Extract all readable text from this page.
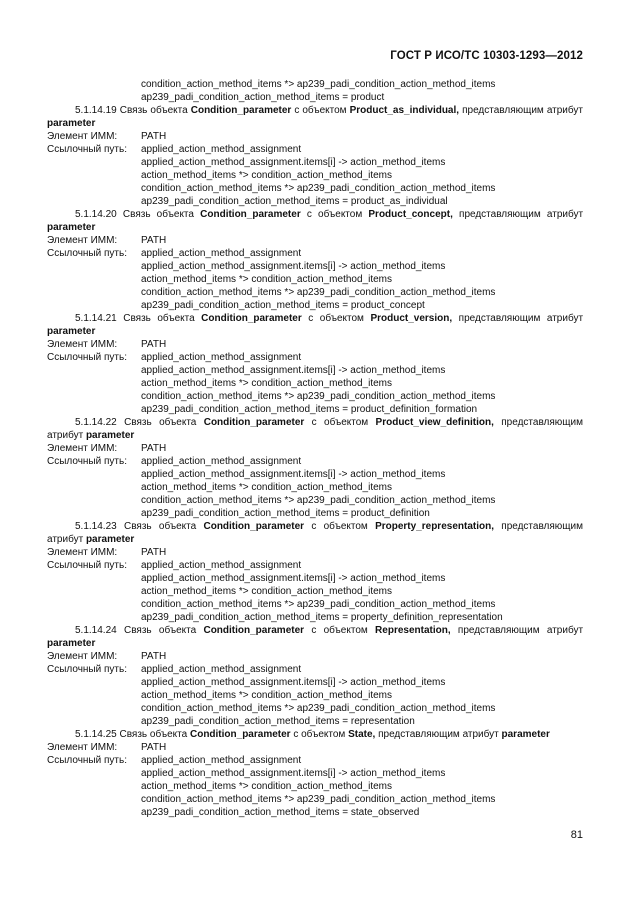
ГОСТ Р ИСО/ТС 10303-1293—2012
condition_action_method_items *> ap239_padi_condition_action_method_items
ap239_padi_condition_action_method_items = product
5.1.14.19 Связь объекта Condition_parameter с объектом Product_as_individual, представляющим атрибут parameter
Элемент ИММ: PATH
Ссылочный путь: applied_action_method_assignment
applied_action_method_assignment.items[i] -> action_method_items
action_method_items *> condition_action_method_items
condition_action_method_items *> ap239_padi_condition_action_method_items
ap239_padi_condition_action_method_items = product_as_individual
5.1.14.20 Связь объекта Condition_parameter с объектом Product_concept, представляющим атрибут parameter
Элемент ИММ: PATH
Ссылочный путь: applied_action_method_assignment
applied_action_method_assignment.items[i] -> action_method_items
action_method_items *> condition_action_method_items
condition_action_method_items *> ap239_padi_condition_action_method_items
ap239_padi_condition_action_method_items = product_concept
5.1.14.21 Связь объекта Condition_parameter с объектом Product_version, представляющим атрибут parameter
Элемент ИММ: PATH
Ссылочный путь: applied_action_method_assignment
applied_action_method_assignment.items[i] -> action_method_items
action_method_items *> condition_action_method_items
condition_action_method_items *> ap239_padi_condition_action_method_items
ap239_padi_condition_action_method_items = product_definition_formation
5.1.14.22 Связь объекта Condition_parameter с объектом Product_view_definition, представляющим атрибут parameter
Элемент ИММ: PATH
Ссылочный путь: applied_action_method_assignment
applied_action_method_assignment.items[i] -> action_method_items
action_method_items *> condition_action_method_items
condition_action_method_items *> ap239_padi_condition_action_method_items
ap239_padi_condition_action_method_items = product_definition
5.1.14.23 Связь объекта Condition_parameter с объектом Property_representation, представляющим атрибут parameter
Элемент ИММ: PATH
Ссылочный путь: applied_action_method_assignment
applied_action_method_assignment.items[i] -> action_method_items
action_method_items *> condition_action_method_items
condition_action_method_items *> ap239_padi_condition_action_method_items
ap239_padi_condition_action_method_items = property_definition_representation
5.1.14.24 Связь объекта Condition_parameter с объектом Representation, представляющим атрибут parameter
Элемент ИММ: PATH
Ссылочный путь: applied_action_method_assignment
applied_action_method_assignment.items[i] -> action_method_items
action_method_items *> condition_action_method_items
condition_action_method_items *> ap239_padi_condition_action_method_items
ap239_padi_condition_action_method_items = representation
5.1.14.25 Связь объекта Condition_parameter с объектом State, представляющим атрибут parameter
Элемент ИММ: PATH
Ссылочный путь: applied_action_method_assignment
applied_action_method_assignment.items[i] -> action_method_items
action_method_items *> condition_action_method_items
condition_action_method_items *> ap239_padi_condition_action_method_items
ap239_padi_condition_action_method_items = state_observed
81
